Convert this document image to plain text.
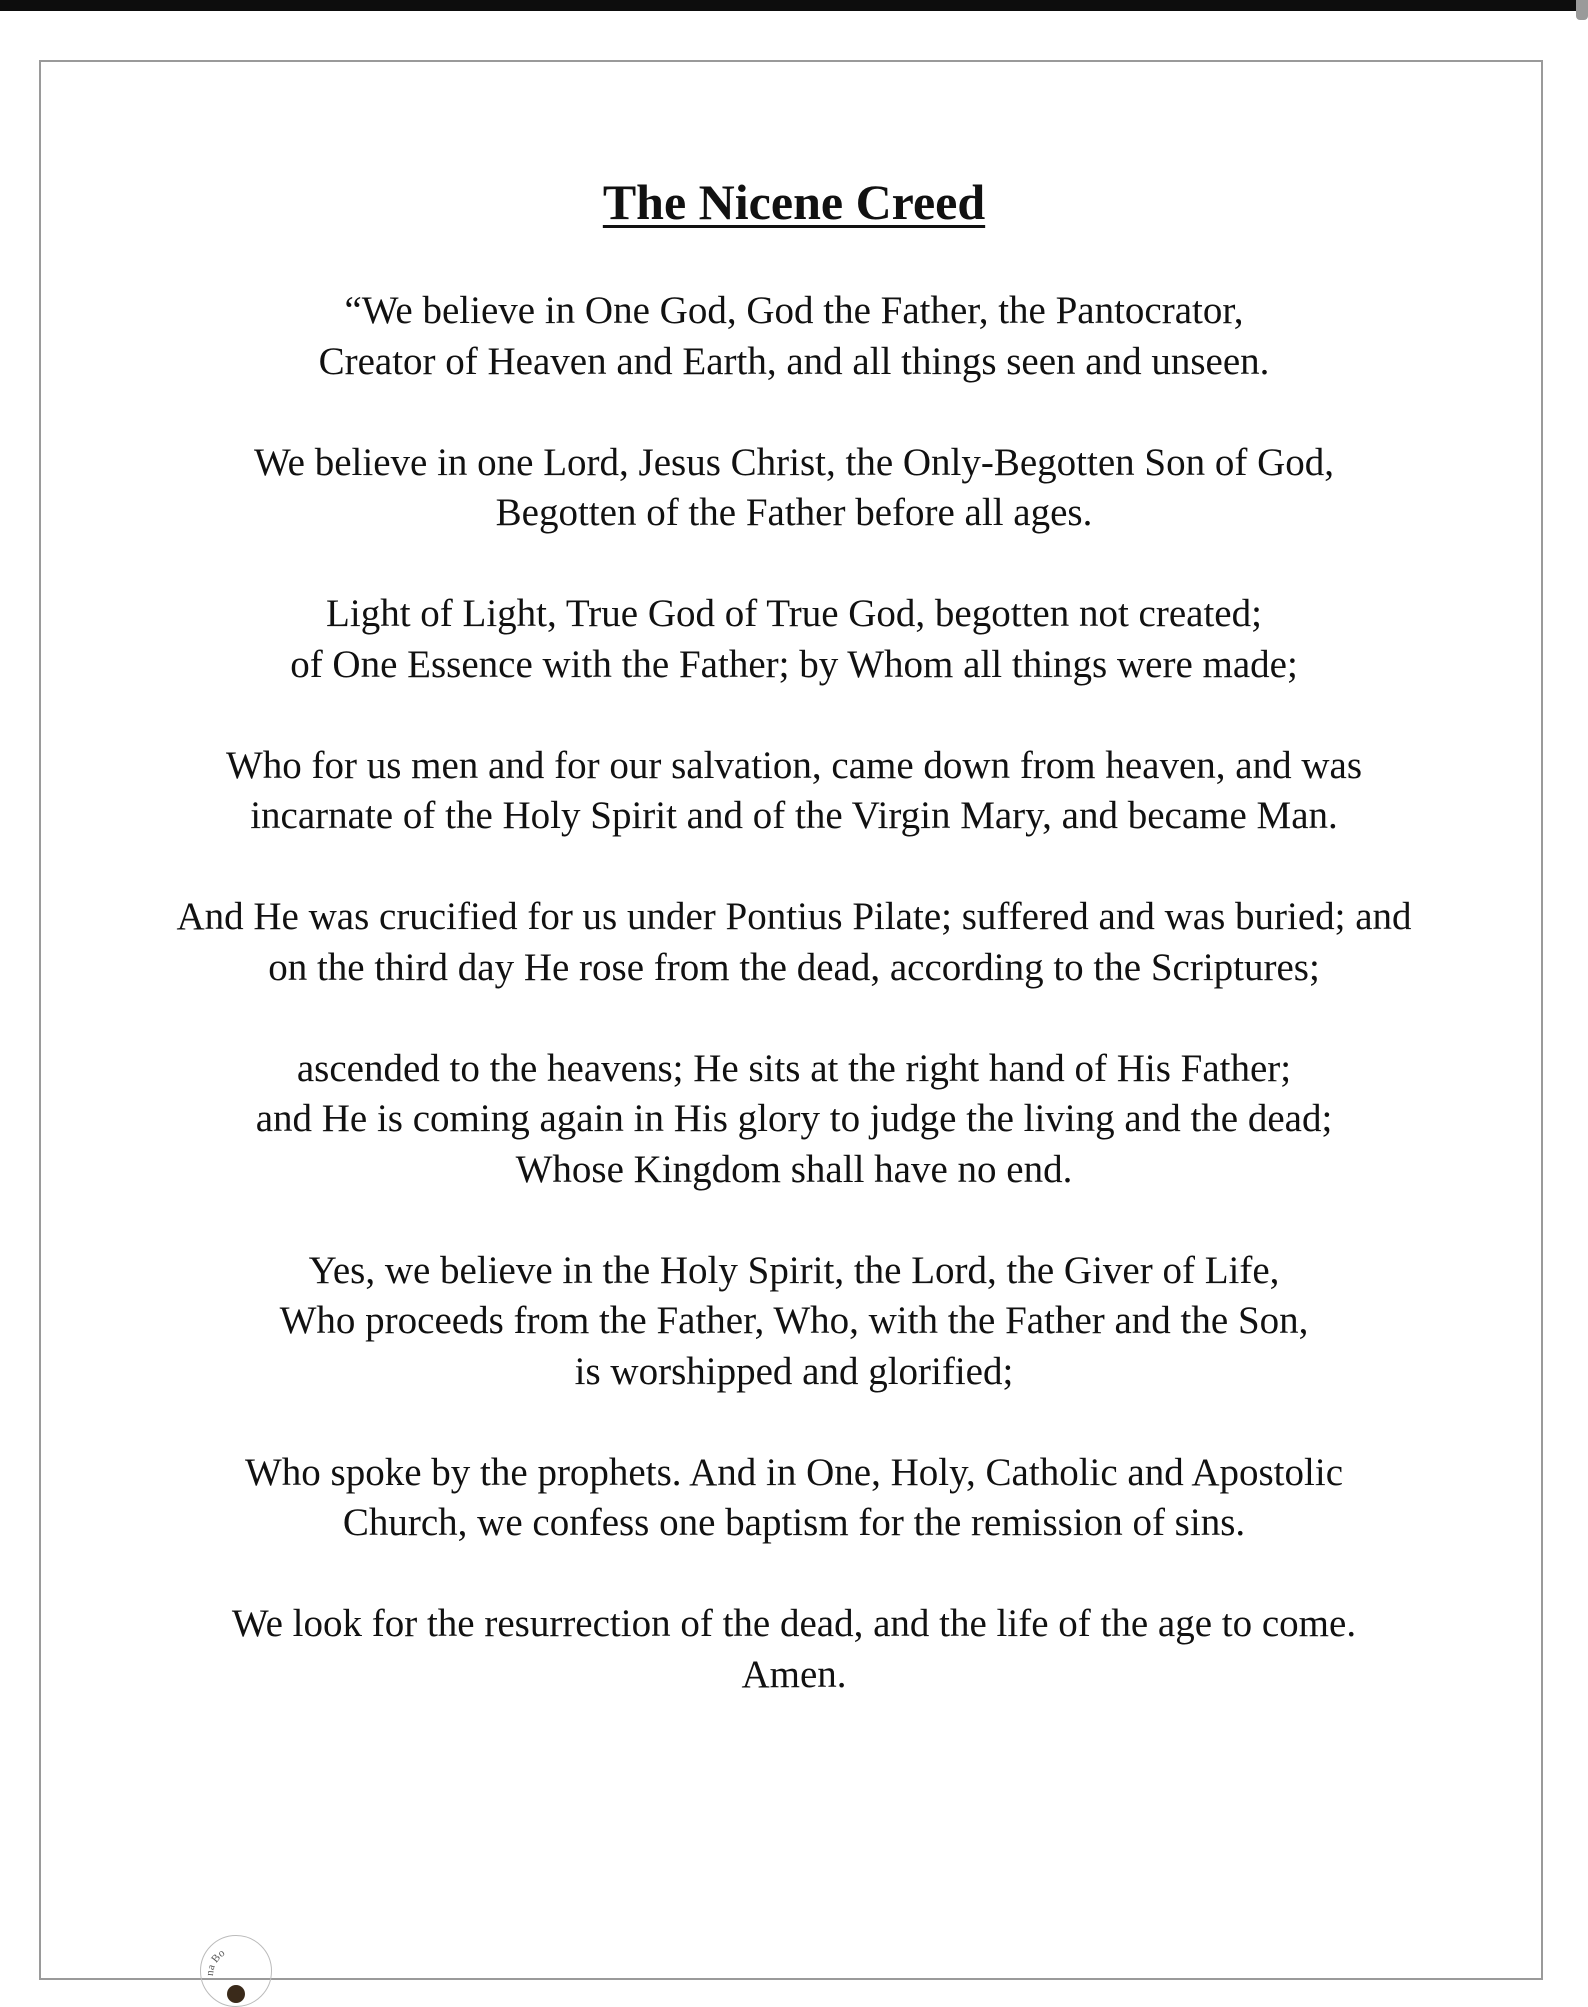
The Nicene Creed

“We believe in One God, God the Father, the Pantocrator,
Creator of Heaven and Earth, and all things seen and unseen.

We believe in one Lord, Jesus Christ, the Only-Begotten Son of God,
Begotten of the Father before all ages.

Light of Light, True God of True God, begotten not created;
of One Essence with the Father; by Whom all things were made;

Who for us men and for our salvation, came down from heaven, and was
incarnate of the Holy Spirit and of the Virgin Mary, and became Man.

And He was crucified for us under Pontius Pilate; suffered and was buried; and
on the third day He rose from the dead, according to the Scriptures;

ascended to the heavens; He sits at the right hand of His Father;
and He is coming again in His glory to judge the living and the dead;
Whose Kingdom shall have no end.

Yes, we believe in the Holy Spirit, the Lord, the Giver of Life,
Who proceeds from the Father, Who, with the Father and the Son,
is worshipped and glorified;

Who spoke by the prophets. And in One, Holy, Catholic and Apostolic
Church, we confess one baptism for the remission of sins.

We look for the resurrection of the dead, and the life of the age to come.
Amen.

na Bo
